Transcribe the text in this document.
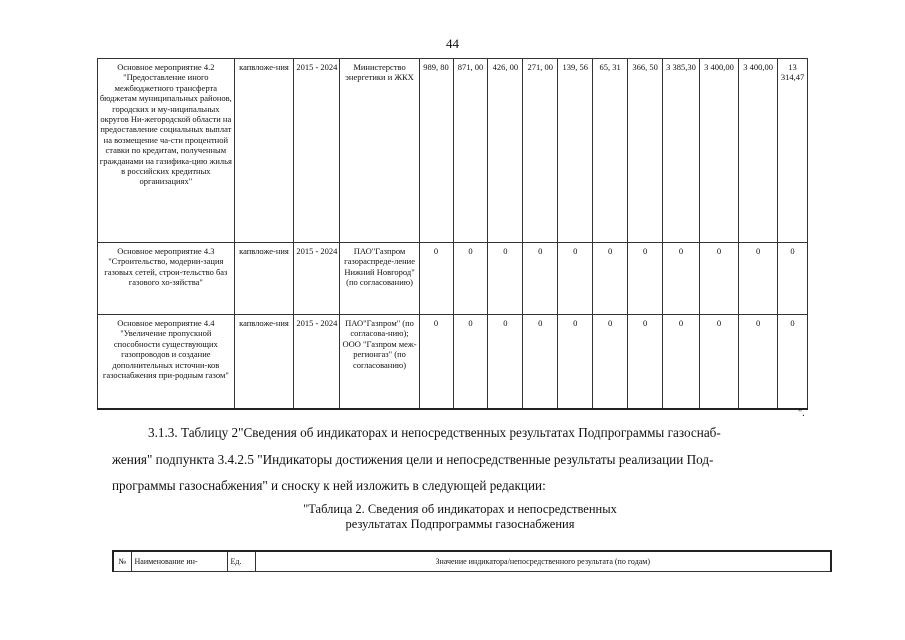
44
Основное мероприятие 4.2 "Предоставление иного межбюджетного трансферта бюджетам муниципальных районов, городских и му-ниципальных округов Ни-жегородской области на предоставление социальных выплат на возмещение ча-сти процентной ставки по кредитам, полученным гражданами на газифика-цию жилья в российских кредитных организациях"	капвложе-ния	2015 - 2024	Министерство энергетики и ЖКХ	989, 80	871, 00	426, 00	271, 00	139, 56	65, 31	366, 50	3 385,30	3 400,00	3 400,00	13 314,47
Основное мероприятие 4.3 "Строительство, модерни-зация газовых сетей, строи-тельство баз газового хо-зяйства"	капвложе-ния	2015 - 2024	ПАО"Газпром газораспреде-ление Нижний Новгород" (по согласованию)	0	0	0	0	0	0	0	0	0	0	0
Основное мероприятие 4.4 "Увеличение пропускной способности существующих газопроводов и создание дополнительных источни-ков газоснабжения при-родным газом"	капвложе-ния	2015 - 2024	ПАО"Газпром" (по согласова-нию); ООО "Газпром меж-регионгаз" (по согласованию)	0	0	0	0	0	0	0	0	0	0	0
".
3.1.3. Таблицу 2"Сведения об индикаторах и непосредственных результатах Подпрограммы газоснаб-
жения" подпункта 3.4.2.5 "Индикаторы достижения цели и непосредственные результаты реализации Под-
программы газоснабжения" и сноску к ней изложить в следующей редакции:
"Таблица 2. Сведения об индикаторах и непосредственных
результатах Подпрограммы газоснабжения
№	Наименование ин-	Ед.	Значение индикатора/непосредственного результата (по годам)
